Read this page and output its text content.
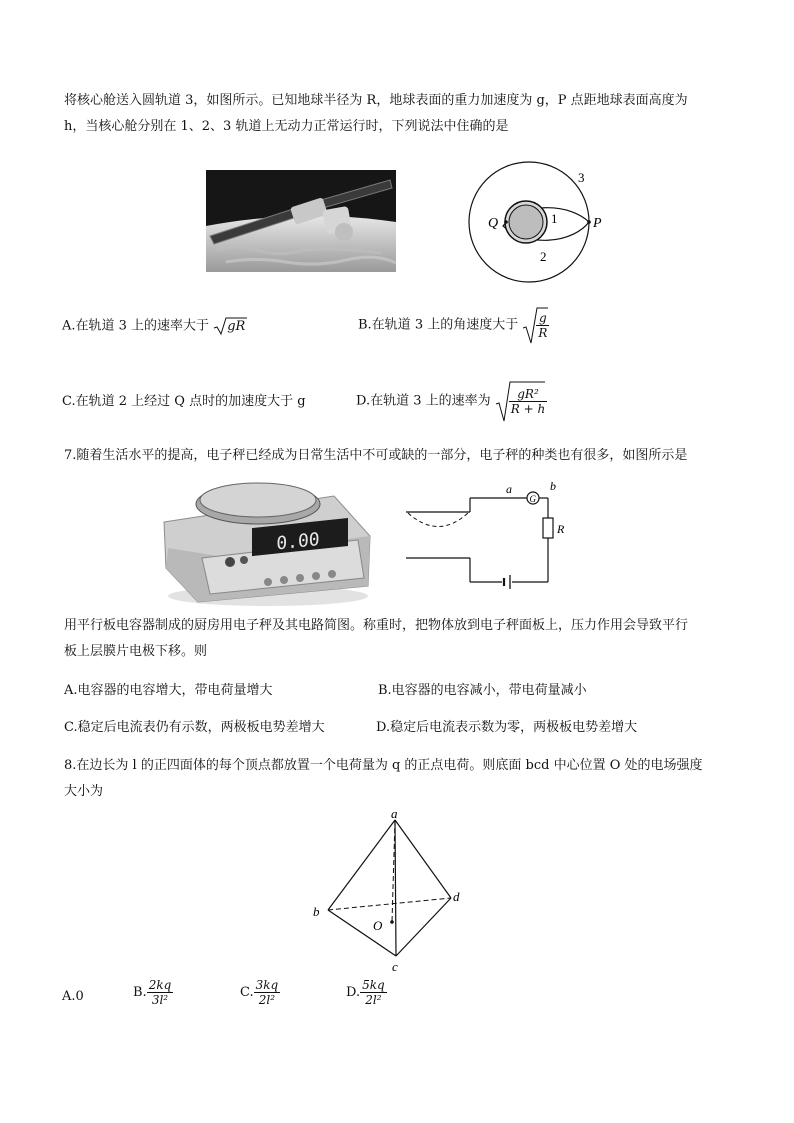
将核心舱送入圆轨道 3，如图所示。已知地球半径为 R，地球表面的重力加速度为 g，P 点距地球表面高度为
h，当核心舱分别在 1、2、3 轨道上无动力正常运行时，下列说法中住确的是
Q	P
1
2
3
A.在轨道 3 上的速率大于 gR	B.在轨道 3 上的角速度大于 $\frac{g}{R}$
C.在轨道 2 上经过 Q 点时的加速度大于 g	D.在轨道 3 上的速率为 $\frac{\text{gR²}}{R + h}$
7.随着生活水平的提高，电子秤已经成为日常生活中不可或缺的一部分，电子秤的种类也有很多，如图所示是
0.00
G
R
a	b
用平行板电容器制成的厨房用电子秤及其电路简图。称重时，把物体放到电子秤面板上，压力作用会导致平行
板上层膜片电极下移。则
A.电容器的电容增大，带电荷量增大	B.电容器的电容减小，带电荷量减小
C.稳定后电流表仍有示数，两极板电势差增大	D.稳定后电流表示数为零，两极板电势差增大
8.在边长为 l 的正四面体的每个顶点都放置一个电荷量为 q 的正点电荷。则底面 bcd 中心位置 O 处的电场强度
大小为
a
b
c
d
O
A.0	B. $\frac{2kq}{\text{3l²}}$	C. $\frac{3kq}{\text{2l²}}$	D. $\frac{5kq}{\text{2l²}}$
